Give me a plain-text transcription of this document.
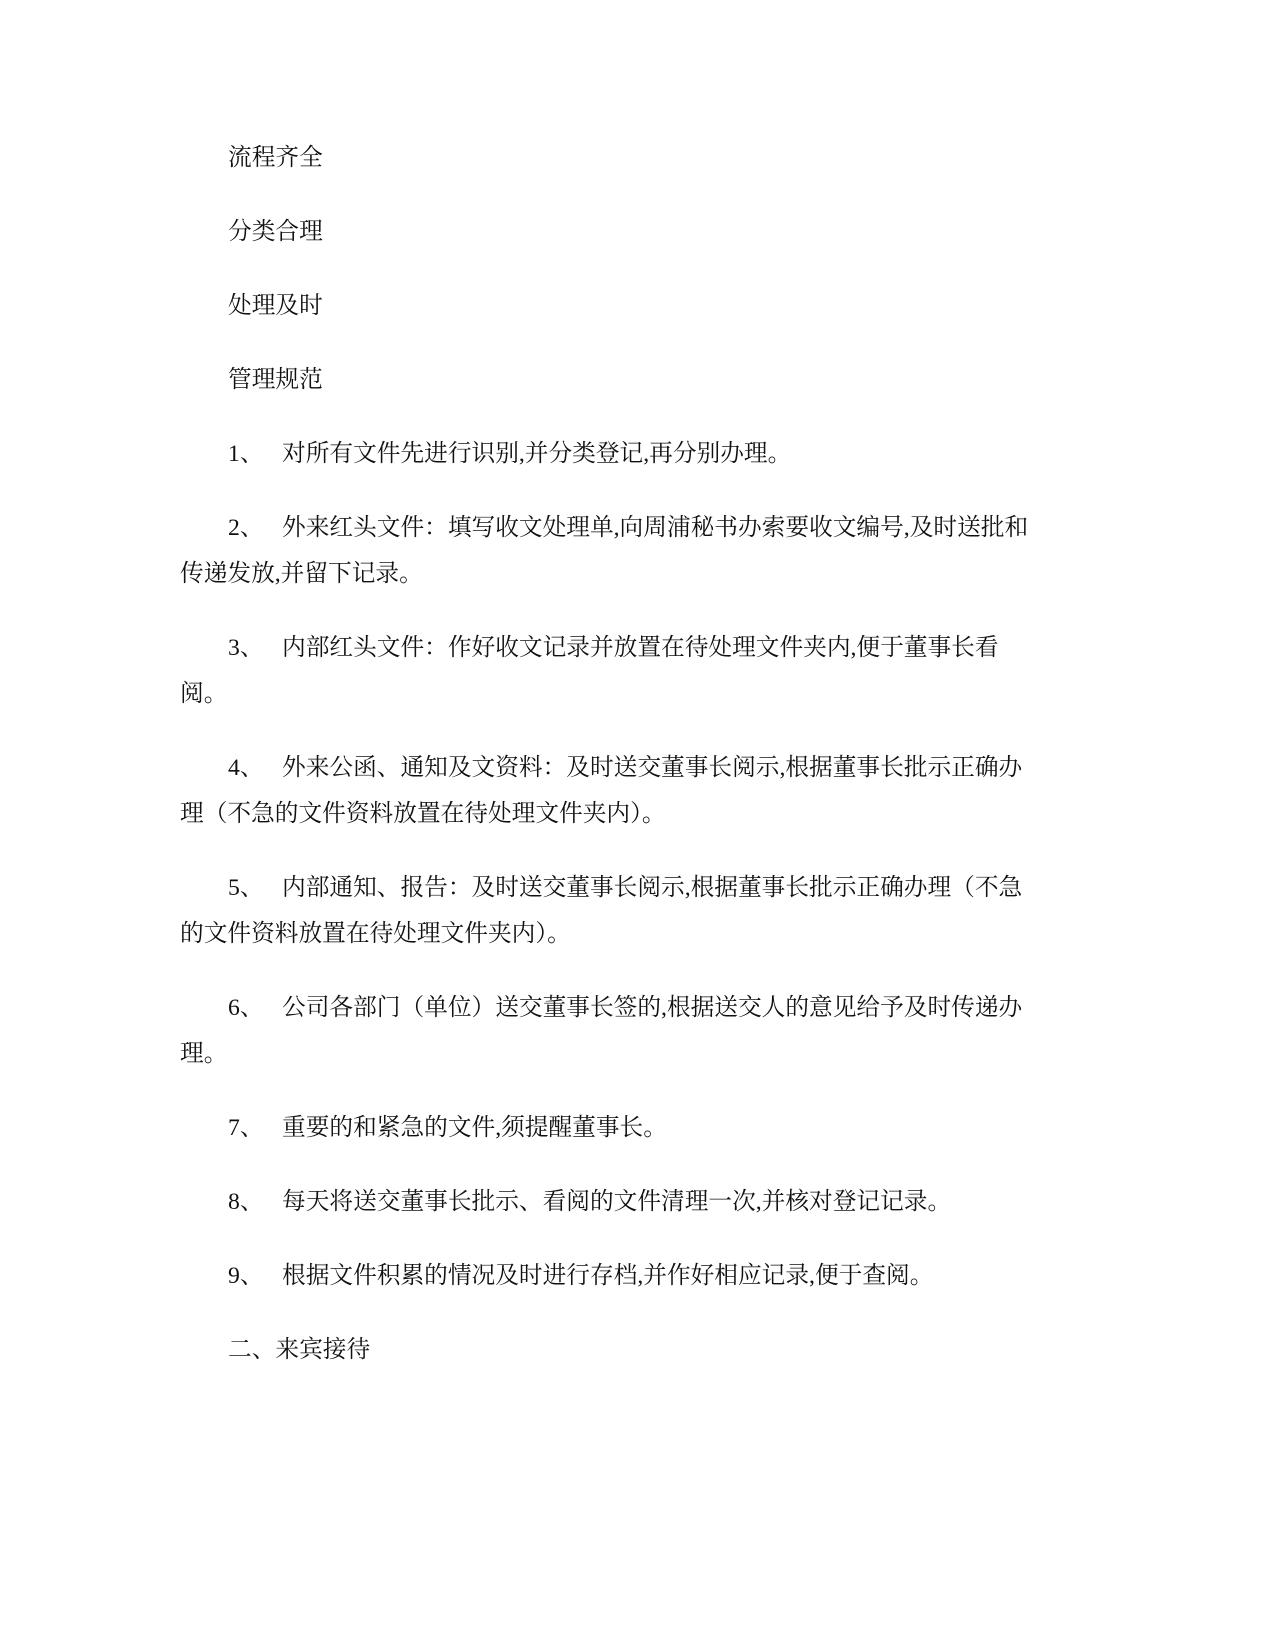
流程齐全

分类合理

处理及时

管理规范

1、 对所有文件先进行识别,并分类登记,再分别办理。

2、 外来红头文件：填写收文处理单,向周浦秘书办索要收文编号,及时送批和
传递发放,并留下记录。

3、 内部红头文件：作好收文记录并放置在待处理文件夹内,便于董事长看
阅。

4、 外来公函、通知及文资料：及时送交董事长阅示,根据董事长批示正确办
理（不急的文件资料放置在待处理文件夹内）。

5、 内部通知、报告：及时送交董事长阅示,根据董事长批示正确办理（不急
的文件资料放置在待处理文件夹内）。

6、 公司各部门（单位）送交董事长签的,根据送交人的意见给予及时传递办
理。

7、 重要的和紧急的文件,须提醒董事长。

8、 每天将送交董事长批示、看阅的文件清理一次,并核对登记记录。

9、 根据文件积累的情况及时进行存档,并作好相应记录,便于查阅。

二、来宾接待
